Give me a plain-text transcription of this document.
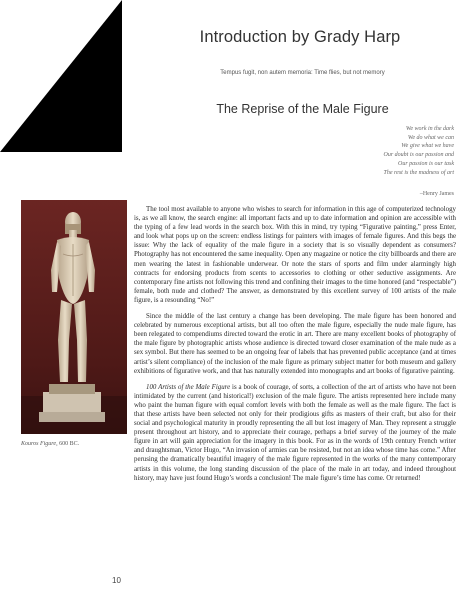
Introduction by Grady Harp
Tempus fugit, non autem memoria: Time flies, but not memory
The Reprise of the Male Figure
We work in the dark
We do what we can
We give what we have
Our doubt is our passion and
Our passion is our task
The rest is the madness of art
–Henry James
Kouros Figure, 600 BC.

The tool most available to anyone who wishes to search for information in this age of computerized technology is, as we all know, the search engine: all important facts and up to date information and opinion are accessible with the typing of a few lead words in the search box. With this in mind, try typing “Figurative painting,” press Enter, and look what pops up on the screen: endless listings for painters with images of female figures. And this begs the issue: Why the lack of equality of the male figure in a society that is so visually dependent as consumers? Photography has not encountered the same inequality. Open any magazine or notice the city billboards and there are men wearing the latest in fashionable underwear. Or note the stars of sports and film under alarmingly high contracts for endorsing products from scents to accessories to clothing or other seductive assignments. Are contemporary fine artists not following this trend and confining their images to the time honored (and “respectable”) female, both nude and clothed? The answer, as demonstrated by this excellent survey of 100 artists of the male figure, is a resounding “No!”

Since the middle of the last century a change has been developing. The male figure has been honored and celebrated by numerous exceptional artists, but all too often the male figure, especially the nude male figure, has been relegated to compendiums directed toward the erotic in art. There are many excellent books of photography of the male figure by photographic artists whose audience is directed toward closer examination of the male nude as a sex symbol. But there has seemed to be an ongoing fear of labels that has prevented public acceptance (and at times artist’s silent compliance) of the inclusion of the male figure as primary subject matter for both museum and gallery exhibitions of figurative work, and that has naturally extended into monographs and art books of figurative painting.

100 Artists of the Male Figure is a book of courage, of sorts, a collection of the art of artists who have not been intimidated by the current (and historical!) exclusion of the male figure. The artists represented here include many who paint the human figure with equal comfort levels with both the female as well as the male figure. The fact is that these artists have been selected not only for their prodigious gifts as masters of their craft, but also for their social and psychological maturity in proudly representing the all but lost imagery of Man. They represent a struggle present throughout art history, and to appreciate their courage, perhaps a brief survey of the journey of the male figure in art will gain appreciation for the imagery in this book. For as in the words of 19th century French writer and draughtsman, Victor Hugo, “An invasion of armies can be resisted, but not an idea whose time has come.” After perusing the dramatically beautiful imagery of the male figure represented in the works of the many contemporary artists in this volume, the long standing discussion of the place of the male in art today, and indeed throughout history, may have just found Hugo’s words a conclusion! The male figure’s time has come. Or returned!

10
